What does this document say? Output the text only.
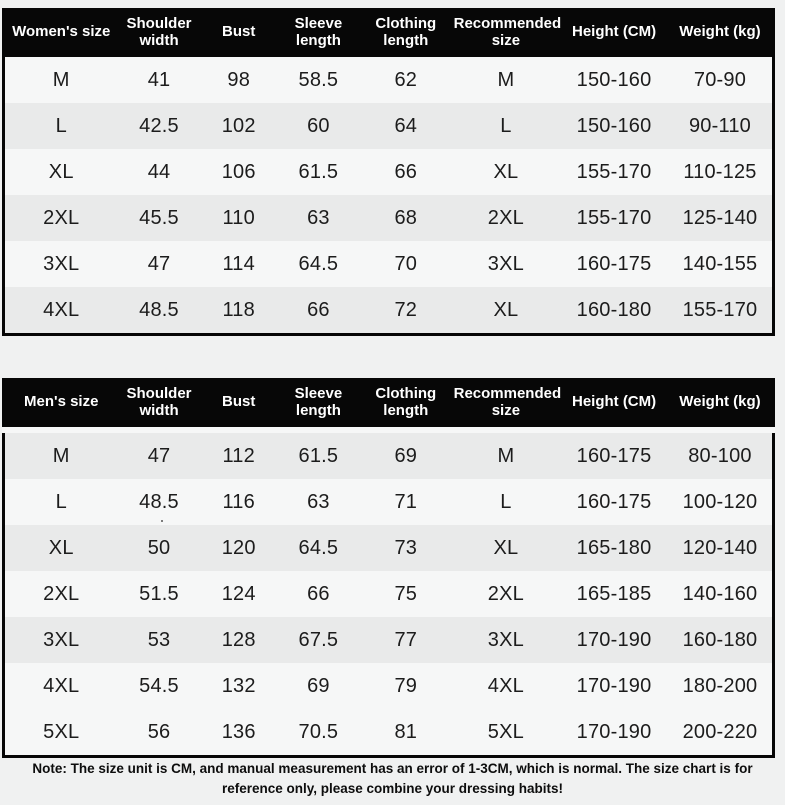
Women's size	Shoulder width	Bust	Sleeve length	Clothing length	Recommended size	Height (CM)	Weight (kg)
M	41	98	58.5	62	M	150-160	70-90
L	42.5	102	60	64	L	150-160	90-110
XL	44	106	61.5	66	XL	155-170	110-125
2XL	45.5	110	63	68	2XL	155-170	125-140
3XL	47	114	64.5	70	3XL	160-175	140-155
4XL	48.5	118	66	72	XL	160-180	155-170
Men's size	Shoulder width	Bust	Sleeve length	Clothing length	Recommended size	Height (CM)	Weight (kg)
M	47	112	61.5	69	M	160-175	80-100
L	48.5	116	63	71	L	160-175	100-120
XL	50	120	64.5	73	XL	165-180	120-140
2XL	51.5	124	66	75	2XL	165-185	140-160
3XL	53	128	67.5	77	3XL	170-190	160-180
4XL	54.5	132	69	79	4XL	170-190	180-200
5XL	56	136	70.5	81	5XL	170-190	200-220
Note: The size unit is CM, and manual measurement has an error of 1-3CM, which is normal. The size chart is for reference only, please combine your dressing habits!
